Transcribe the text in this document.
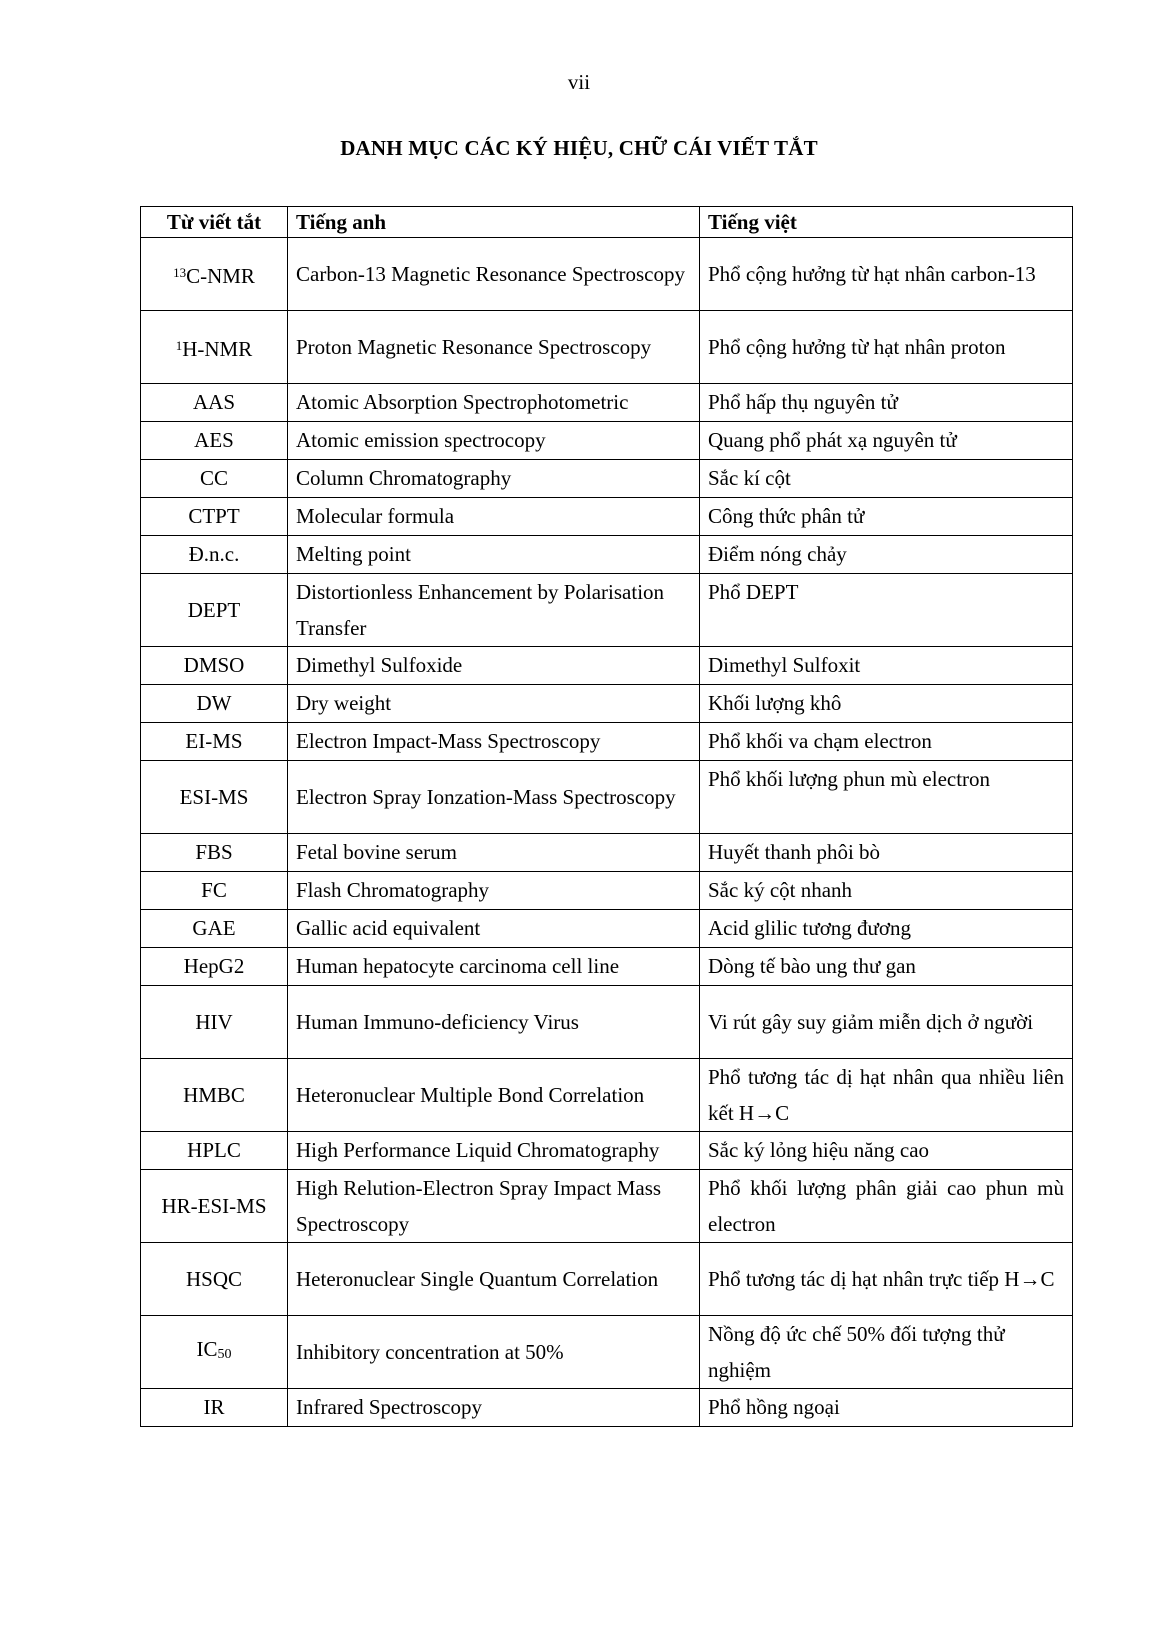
vii
DANH MỤC CÁC KÝ HIỆU, CHỮ CÁI VIẾT TẮT
Từ viết tắt	Tiếng anh	Tiếng việt
$^{13}$C-NMR	Carbon-13 Magnetic Resonance Spectroscopy	Phổ cộng hưởng từ hạt nhân carbon-13
$^1$H-NMR	Proton Magnetic Resonance Spectroscopy	Phổ cộng hưởng từ hạt nhân proton
AAS	Atomic Absorption Spectrophotometric	Phổ hấp thụ nguyên tử
AES	Atomic emission spectrocopy	Quang phổ phát xạ nguyên tử
CC	Column Chromatography	Sắc kí cột
CTPT	Molecular formula	Công thức phân tử
Đ.n.c.	Melting point	Điểm nóng chảy
DEPT	Distortionless Enhancement by Polarisation Transfer	Phổ DEPT
DMSO	Dimethyl Sulfoxide	Dimethyl Sulfoxit
DW	Dry weight	Khối lượng khô
EI-MS	Electron Impact-Mass Spectroscopy	Phổ khối va chạm electron
ESI-MS	Electron Spray Ionzation-Mass Spectroscopy	Phổ khối lượng phun mù electron
FBS	Fetal bovine serum	Huyết thanh phôi bò
FC	Flash Chromatography	Sắc ký cột nhanh
GAE	Gallic acid equivalent	Acid glilic tương đương
HepG2	Human hepatocyte carcinoma cell line	Dòng tế bào ung thư gan
HIV	Human Immuno-deficiency Virus	Vi rút gây suy giảm miễn dịch ở người
HMBC	Heteronuclear Multiple Bond Correlation	Phổ tương tác dị hạt nhân qua nhiều liên kết H→C
HPLC	High Performance Liquid Chromatography	Sắc ký lỏng hiệu năng cao
HR-ESI-MS	High Relution-Electron Spray Impact Mass Spectroscopy	Phổ khối lượng phân giải cao phun mù electron
HSQC	Heteronuclear Single Quantum Correlation	Phổ tương tác dị hạt nhân trực tiếp H→C
$IC_{50}$	Inhibitory concentration at 50%	Nồng độ ức chế 50% đối tượng thử nghiệm
IR	Infrared Spectroscopy	Phổ hồng ngoại
